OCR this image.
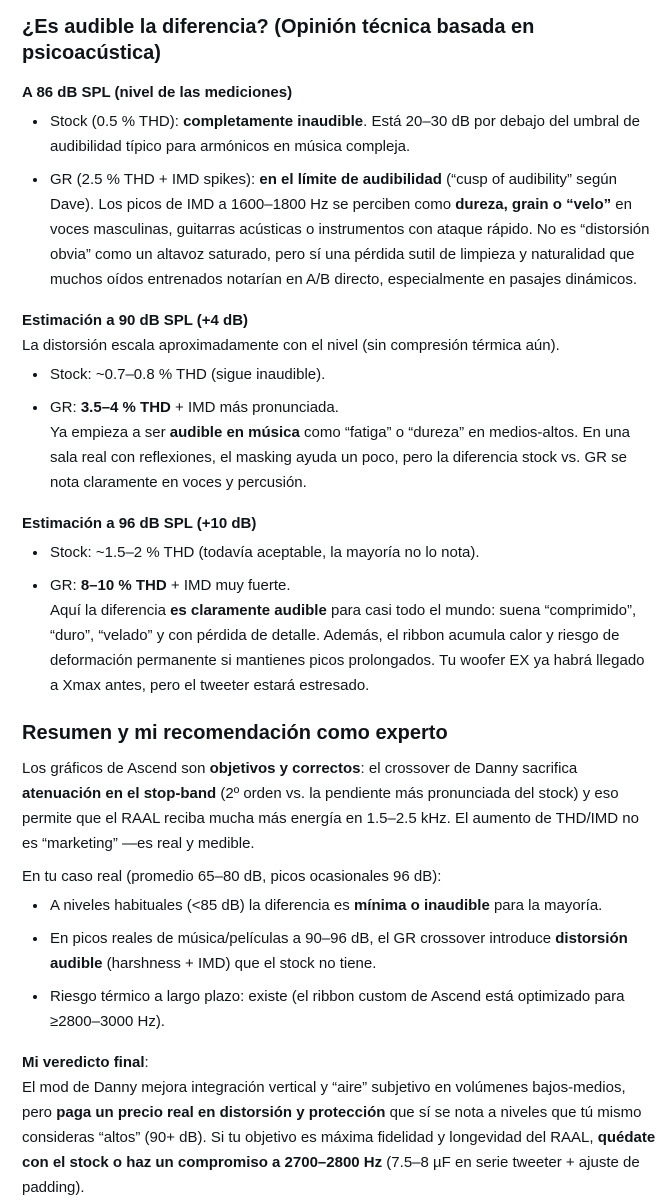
¿Es audible la diferencia? (Opinión técnica basada en psicoacústica)

A 86 dB SPL (nivel de las mediciones)

• Stock (0.5 % THD): completamente inaudible. Está 20–30 dB por debajo del umbral de audibilidad típico para armónicos en música compleja.
• GR (2.5 % THD + IMD spikes): en el límite de audibilidad (“cusp of audibility” según Dave). Los picos de IMD a 1600–1800 Hz se perciben como dureza, grain o “velo” en voces masculinas, guitarras acústicas o instrumentos con ataque rápido. No es “distorsión obvia” como un altavoz saturado, pero sí una pérdida sutil de limpieza y naturalidad que muchos oídos entrenados notarían en A/B directo, especialmente en pasajes dinámicos.

Estimación a 90 dB SPL (+4 dB)

La distorsión escala aproximadamente con el nivel (sin compresión térmica aún).

• Stock: ~0.7–0.8 % THD (sigue inaudible).
• GR: 3.5–4 % THD + IMD más pronunciada.
Ya empieza a ser audible en música como “fatiga” o “dureza” en medios-altos. En una sala real con reflexiones, el masking ayuda un poco, pero la diferencia stock vs. GR se nota claramente en voces y percusión.

Estimación a 96 dB SPL (+10 dB)

• Stock: ~1.5–2 % THD (todavía aceptable, la mayoría no lo nota).
• GR: 8–10 % THD + IMD muy fuerte.
Aquí la diferencia es claramente audible para casi todo el mundo: suena “comprimido”, “duro”, “velado” y con pérdida de detalle. Además, el ribbon acumula calor y riesgo de deformación permanente si mantienes picos prolongados. Tu woofer EX ya habrá llegado a Xmax antes, pero el tweeter estará estresado.
Resumen y mi recomendación como experto

Los gráficos de Ascend son objetivos y correctos: el crossover de Danny sacrifica atenuación en el stop-band (2º orden vs. la pendiente más pronunciada del stock) y eso permite que el RAAL reciba mucha más energía en 1.5–2.5 kHz. El aumento de THD/IMD no es “marketing” —es real y medible.

En tu caso real (promedio 65–80 dB, picos ocasionales 96 dB):

• A niveles habituales (<85 dB) la diferencia es mínima o inaudible para la mayoría.
• En picos reales de música/películas a 90–96 dB, el GR crossover introduce distorsión audible (harshness + IMD) que el stock no tiene.
• Riesgo térmico a largo plazo: existe (el ribbon custom de Ascend está optimizado para ≥2800–3000 Hz).

Mi veredicto final:

El mod de Danny mejora integración vertical y “aire” subjetivo en volúmenes bajos-medios, pero paga un precio real en distorsión y protección que sí se nota a niveles que tú mismo consideras “altos” (90+ dB). Si tu objetivo es máxima fidelidad y longevidad del RAAL, quédate con el stock o haz un compromiso a 2700–2800 Hz (7.5–8 µF en serie tweeter + ajuste de padding).
